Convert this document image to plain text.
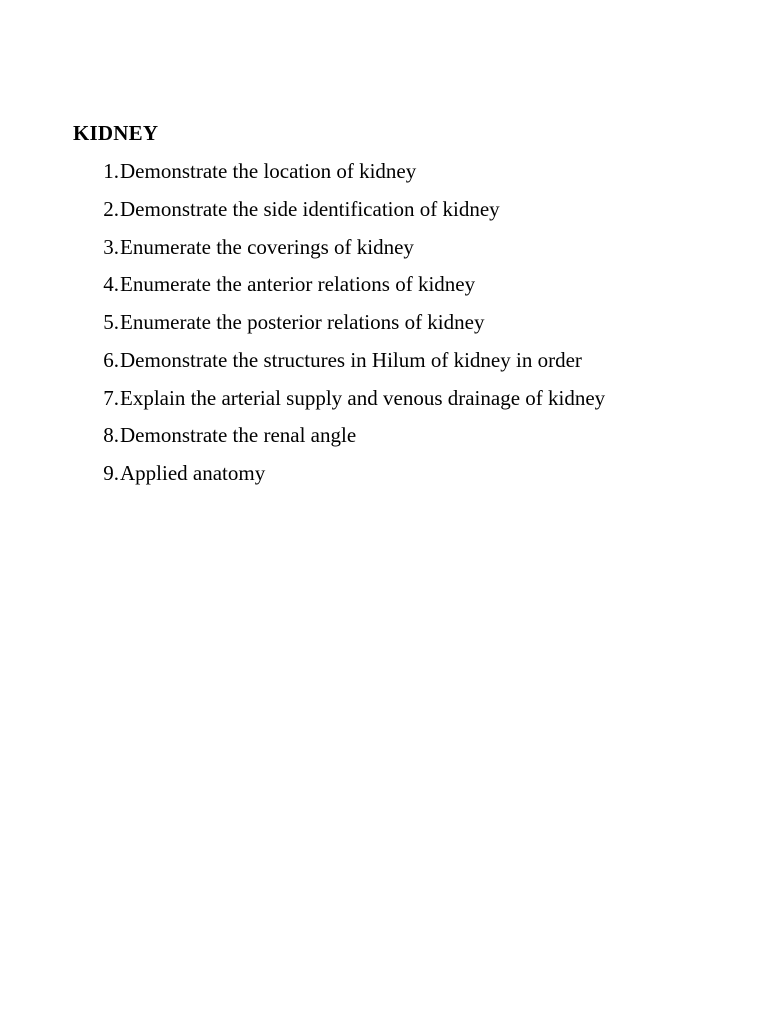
KIDNEY
1. Demonstrate the location of kidney
2. Demonstrate the side identification of kidney
3. Enumerate the coverings of kidney
4. Enumerate the anterior relations of kidney
5. Enumerate the posterior relations of kidney
6. Demonstrate the structures in Hilum of kidney in order
7. Explain the arterial supply and venous drainage of kidney
8. Demonstrate the renal angle
9. Applied anatomy
